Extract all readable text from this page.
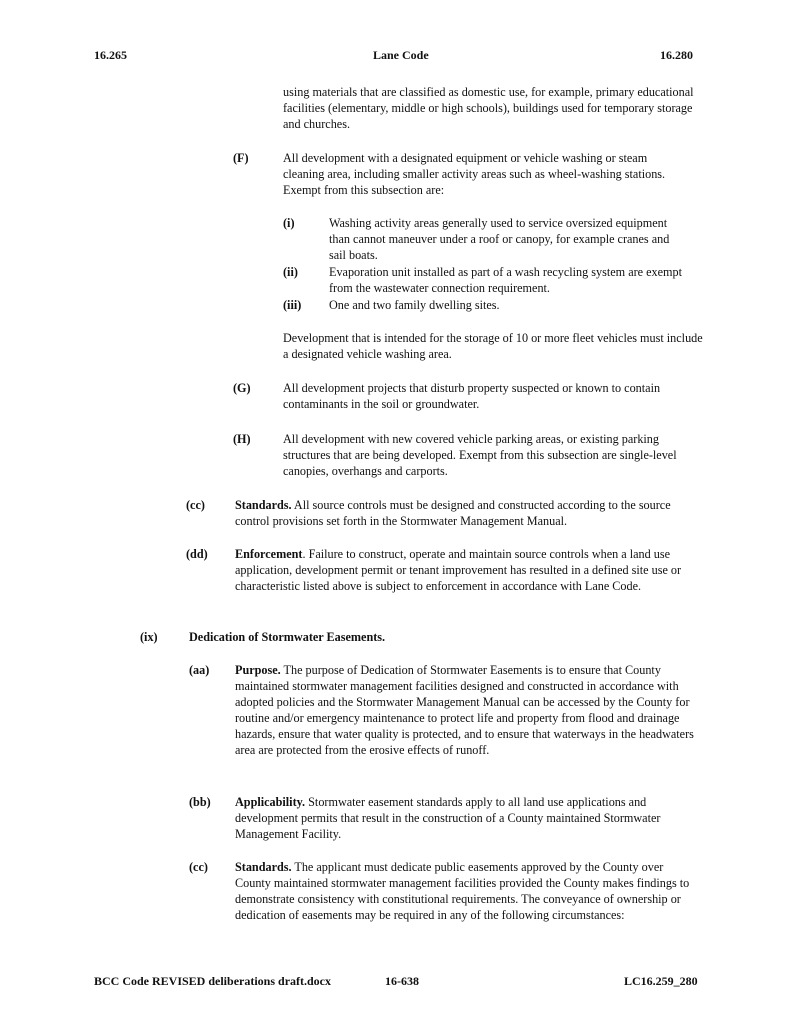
16.265	Lane Code	16.280
using materials that are classified as domestic use, for example, primary educational facilities (elementary, middle or high schools), buildings used for temporary storage and churches.
(F)	All development with a designated equipment or vehicle washing or steam cleaning area, including smaller activity areas such as wheel-washing stations. Exempt from this subsection are:
(i)	Washing activity areas generally used to service oversized equipment than cannot maneuver under a roof or canopy, for example cranes and sail boats.
(ii)	Evaporation unit installed as part of a wash recycling system are exempt from the wastewater connection requirement.
(iii) One and two family dwelling sites.
Development that is intended for the storage of 10 or more fleet vehicles must include a designated vehicle washing area.
(G)	All development projects that disturb property suspected or known to contain contaminants in the soil or groundwater.
(H)	All development with new covered vehicle parking areas, or existing parking structures that are being developed. Exempt from this subsection are single-level canopies, overhangs and carports.
(cc) Standards. All source controls must be designed and constructed according to the source control provisions set forth in the Stormwater Management Manual.
(dd) Enforcement. Failure to construct, operate and maintain source controls when a land use application, development permit or tenant improvement has resulted in a defined site use or characteristic listed above is subject to enforcement in accordance with Lane Code.
(ix)	Dedication of Stormwater Easements.
(aa) Purpose. The purpose of Dedication of Stormwater Easements is to ensure that County maintained stormwater management facilities designed and constructed in accordance with adopted policies and the Stormwater Management Manual can be accessed by the County for routine and/or emergency maintenance to protect life and property from flood and drainage hazards, ensure that water quality is protected, and to ensure that waterways in the headwaters area are protected from the erosive effects of runoff.
(bb) Applicability. Stormwater easement standards apply to all land use applications and development permits that result in the construction of a County maintained Stormwater Management Facility.
(cc) Standards. The applicant must dedicate public easements approved by the County over County maintained stormwater management facilities provided the County makes findings to demonstrate consistency with constitutional requirements. The conveyance of ownership or dedication of easements may be required in any of the following circumstances:
BCC Code REVISED deliberations draft.docx	16-638	LC16.259_280
